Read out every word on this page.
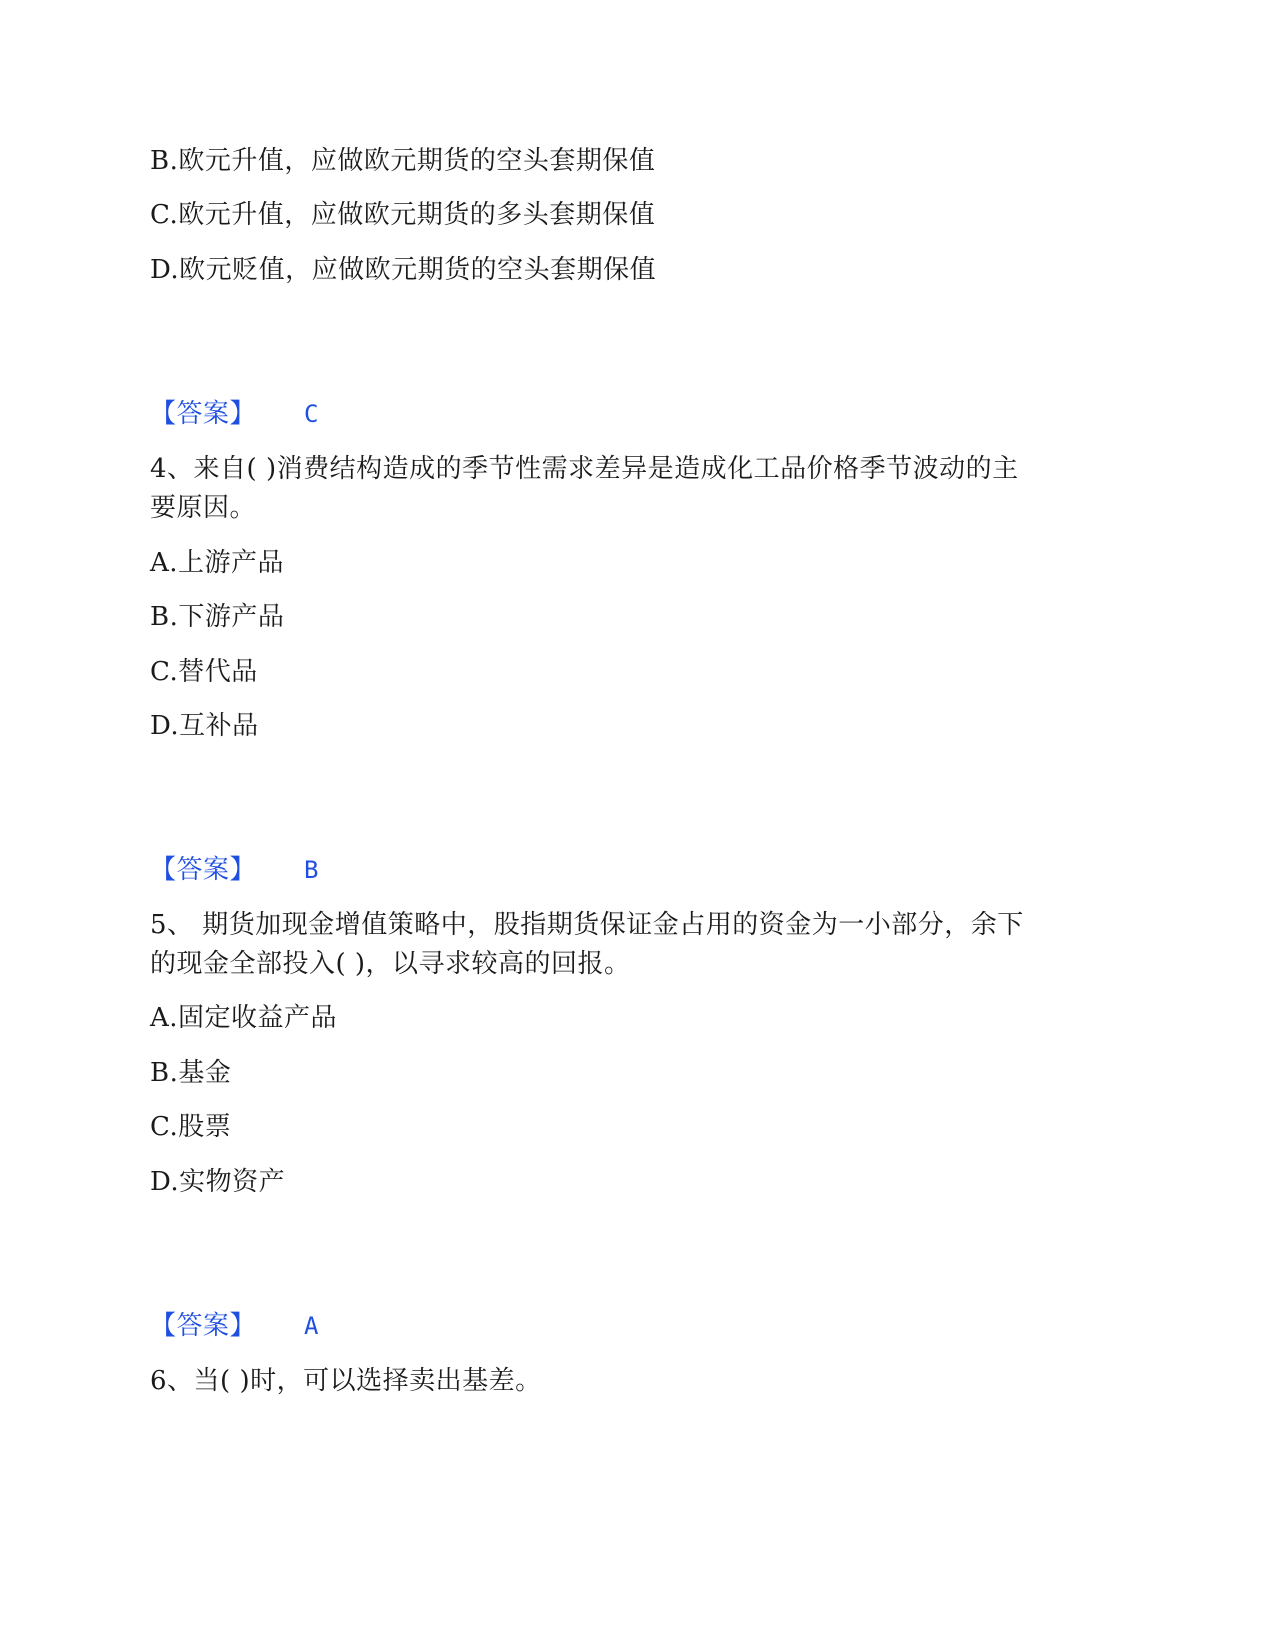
B.欧元升值，应做欧元期货的空头套期保值
C.欧元升值，应做欧元期货的多头套期保值
D.欧元贬值，应做欧元期货的空头套期保值
【答案】 C
4、来自( )消费结构造成的季节性需求差异是造成化工品价格季节波动的主
要原因。
A.上游产品
B.下游产品
C.替代品
D.互补品
【答案】 B
5、 期货加现金增值策略中，股指期货保证金占用的资金为一小部分，余下
的现金全部投入( )，以寻求较高的回报。
A.固定收益产品
B.基金
C.股票
D.实物资产
【答案】 A
6、当( )时，可以选择卖出基差。
